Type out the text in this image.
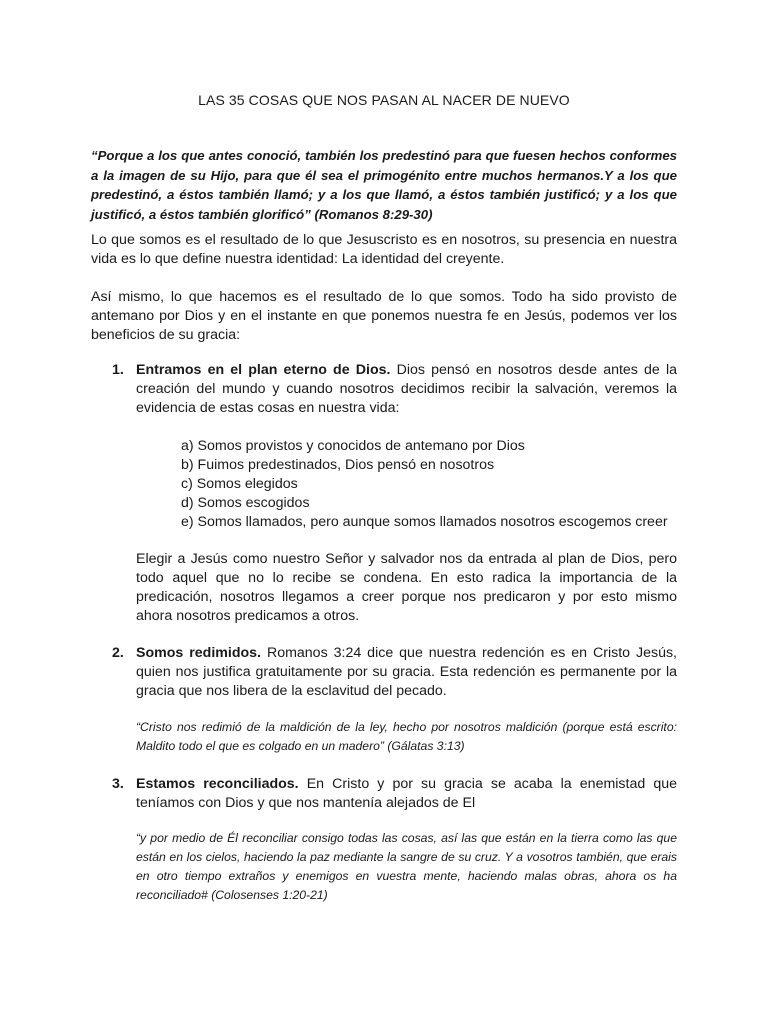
LAS 35 COSAS QUE NOS PASAN AL NACER DE NUEVO

“Porque a los que antes conoció, también los predestinó para que fuesen hechos conformes a la imagen de su Hijo, para que él sea el primogénito entre muchos hermanos.Y a los que predestinó, a éstos también llamó; y a los que llamó, a éstos también justificó; y a los que justificó, a éstos también glorificó” (Romanos 8:29-30)

Lo que somos es el resultado de lo que Jesuscristo es en nosotros, su presencia en nuestra vida es lo que define nuestra identidad: La identidad del creyente.

Así mismo, lo que hacemos es el resultado de lo que somos. Todo ha sido provisto de antemano por Dios y en el instante en que ponemos nuestra fe en Jesús, podemos ver los beneficios de su gracia:

1. Entramos en el plan eterno de Dios. Dios pensó en nosotros desde antes de la creación del mundo y cuando nosotros decidimos recibir la salvación, veremos la evidencia de estas cosas en nuestra vida:
a) Somos provistos y conocidos de antemano por Dios
b) Fuimos predestinados, Dios pensó en nosotros
c) Somos elegidos
d) Somos escogidos
e) Somos llamados, pero aunque somos llamados nosotros escogemos creer

Elegir a Jesús como nuestro Señor y salvador nos da entrada al plan de Dios, pero todo aquel que no lo recibe se condena. En esto radica la importancia de la predicación, nosotros llegamos a creer porque nos predicaron y por esto mismo ahora nosotros predicamos a otros.

2. Somos redimidos. Romanos 3:24 dice que nuestra redención es en Cristo Jesús, quien nos justifica gratuitamente por su gracia. Esta redención es permanente por la gracia que nos libera de la esclavitud del pecado.

“Cristo nos redimió de la maldición de la ley, hecho por nosotros maldición (porque está escrito: Maldito todo el que es colgado en un madero” (Gálatas 3:13)

3. Estamos reconciliados. En Cristo y por su gracia se acaba la enemistad que teníamos con Dios y que nos mantenía alejados de El

“y por medio de Él reconciliar consigo todas las cosas, así las que están en la tierra como las que están en los cielos, haciendo la paz mediante la sangre de su cruz. Y a vosotros también, que erais en otro tiempo extraños y enemigos en vuestra mente, haciendo malas obras, ahora os ha reconciliado# (Colosenses 1:20-21)
